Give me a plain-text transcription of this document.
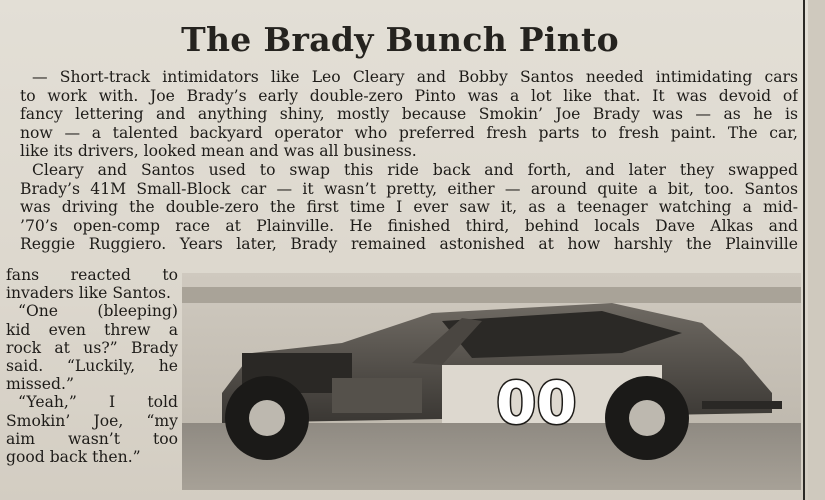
The Brady Bunch Pinto
— Short-track intimidators like Leo Cleary and Bobby Santos needed intimidating cars
to work with. Joe Brady’s early double-zero Pinto was a lot like that. It was devoid of
fancy lettering and anything shiny, mostly because Smokin’ Joe Brady was — as he is
now — a talented backyard operator who preferred fresh parts to fresh paint. The car,
like its drivers, looked mean and was all business.
Cleary and Santos used to swap this ride back and forth, and later they swapped
Brady’s 41M Small-Block car — it wasn’t pretty, either — around quite a bit, too. Santos
was driving the double-zero the first time I ever saw it, as a teenager watching a mid-
’70’s open-comp race at Plainville. He finished third, behind locals Dave Alkas and
Reggie Ruggiero. Years later, Brady remained astonished at how harshly the Plainville
fans reacted to
invaders like Santos.
“One (bleeping)
kid even threw a
rock at us?” Brady
said. “Luckily, he
missed.”
“Yeah,” I told
Smokin’ Joe, “my
aim wasn’t too
good back then.”
00
